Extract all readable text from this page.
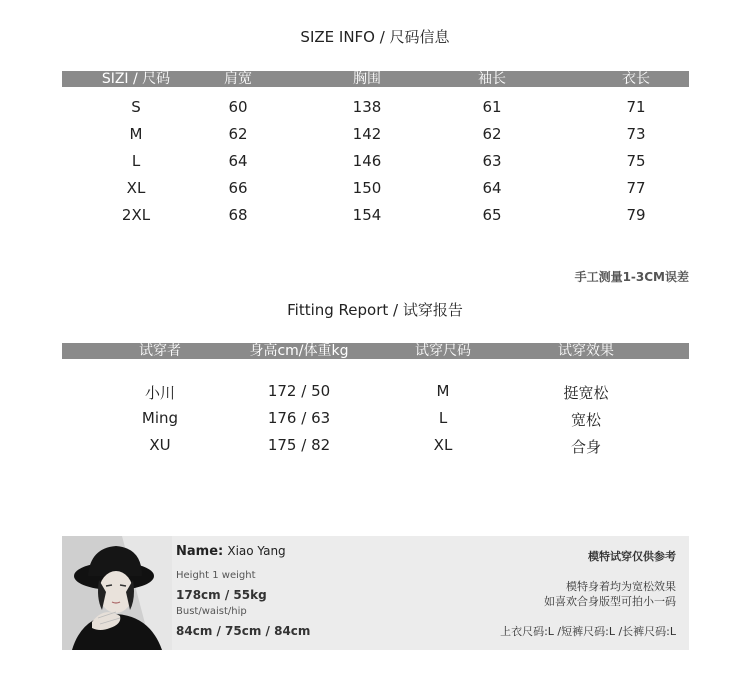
SIZE INFO / 尺码信息
SIZI / 尺码	肩宽	胸围	袖长	衣长
S	60	138	61	71
M	62	142	62	73
L	64	146	63	75
XL	66	150	64	77
2XL	68	154	65	79
手工测量1-3CM误差
Fitting Report / 试穿报告
试穿者	身高cm/体重kg	试穿尺码	试穿效果
小川	172 / 50	M	挺宽松
Ming	176 / 63	L	宽松
XU	175 / 82	XL	合身
Name: Xiao Yang
Height 1 weight
178cm / 55kg
Bust/waist/hip
84cm / 75cm / 84cm
模特试穿仅供参考
模特身着均为宽松效果
如喜欢合身版型可拍小一码
上衣尺码:L /短裤尺码:L /长裤尺码:L
